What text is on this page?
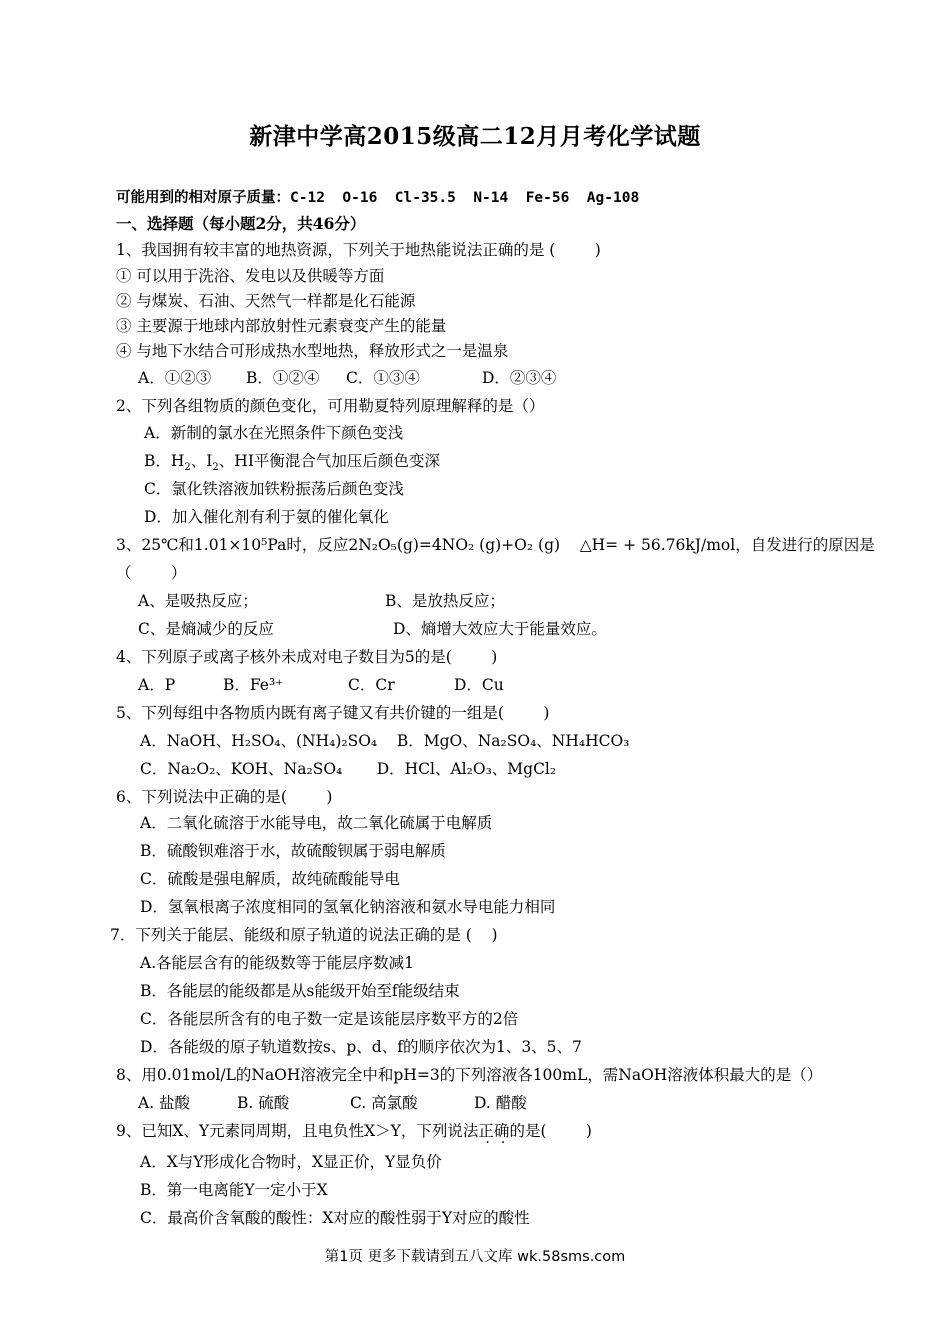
新津中学高2015级高二12月月考化学试题
可能用到的相对原子质量：C-12  O-16  Cl-35.5  N-14  Fe-56  Ag-108
一、选择题（每小题2分，共46分）
1、我国拥有较丰富的地热资源，下列关于地热能说法正确的是 (        )
① 可以用于洗浴、发电以及供暖等方面
② 与煤炭、石油、天然气一样都是化石能源
③ 主要源于地球内部放射性元素衰变产生的能量
④ 与地下水结合可形成热水型地热，释放形式之一是温泉
A．①②③ B．①②④ C．①③④	D．②③④
2、下列各组物质的颜色变化，可用勒夏特列原理解释的是（）
A．新制的氯水在光照条件下颜色变浅
B．$H_2$、$I_2$、HI平衡混合气加压后颜色变深
C．氯化铁溶液加铁粉振荡后颜色变浅
D．加入催化剂有利于氨的催化氧化
3、25℃和1.01×10⁵Pa时，反应2N₂O₅(g)=4NO₂ (g)+O₂ (g)    △H= + 56.76kJ/mol，自发进行的原因是
（        ）
A、是吸热反应；	B、是放热反应；
C、是熵减少的反应	D、熵增大效应大于能量效应。
4、下列原子或离子核外未成对电子数目为5的是(        )
A．P	B．Fe³⁺	C．Cr	D．Cu
5、下列每组中各物质内既有离子键又有共价键的一组是(        )
A．NaOH、H₂SO₄、(NH₄)₂SO₄    B．MgO、Na₂SO₄、NH₄HCO₃
C．Na₂O₂、KOH、Na₂SO₄       D．HCl、Al₂O₃、MgCl₂
6、下列说法中正确的是(        )
A．二氧化硫溶于水能导电，故二氧化硫属于电解质
B．硫酸钡难溶于水，故硫酸钡属于弱电解质
C．硫酸是强电解质，故纯硫酸能导电
D．氢氧根离子浓度相同的氢氧化钠溶液和氨水导电能力相同
7．下列关于能层、能级和原子轨道的说法正确的是 (    )
A.各能层含有的能级数等于能层序数减1
B．各能层的能级都是从s能级开始至f能级结束
C．各能层所含有的电子数一定是该能层序数平方的2倍
D．各能级的原子轨道数按s、p、d、f的顺序依次为1、3、5、7
8、用0.01mol/L的NaOH溶液完全中和pH=3的下列溶液各100mL，需NaOH溶液体积最大的是（）
A. 盐酸	B. 硫酸	C. 高氯酸	D. 醋酸
9、已知X、Y元素同周期，且电负性X＞Y，下列说法正确的是(        )
A．X与Y形成化合物时，X显正价，Y显负价
B．第一电离能Y一定小于X
C．最高价含氧酸的酸性：X对应的酸性弱于Y对应的酸性
第1页 更多下载请到五八文库 wk.58sms.com
